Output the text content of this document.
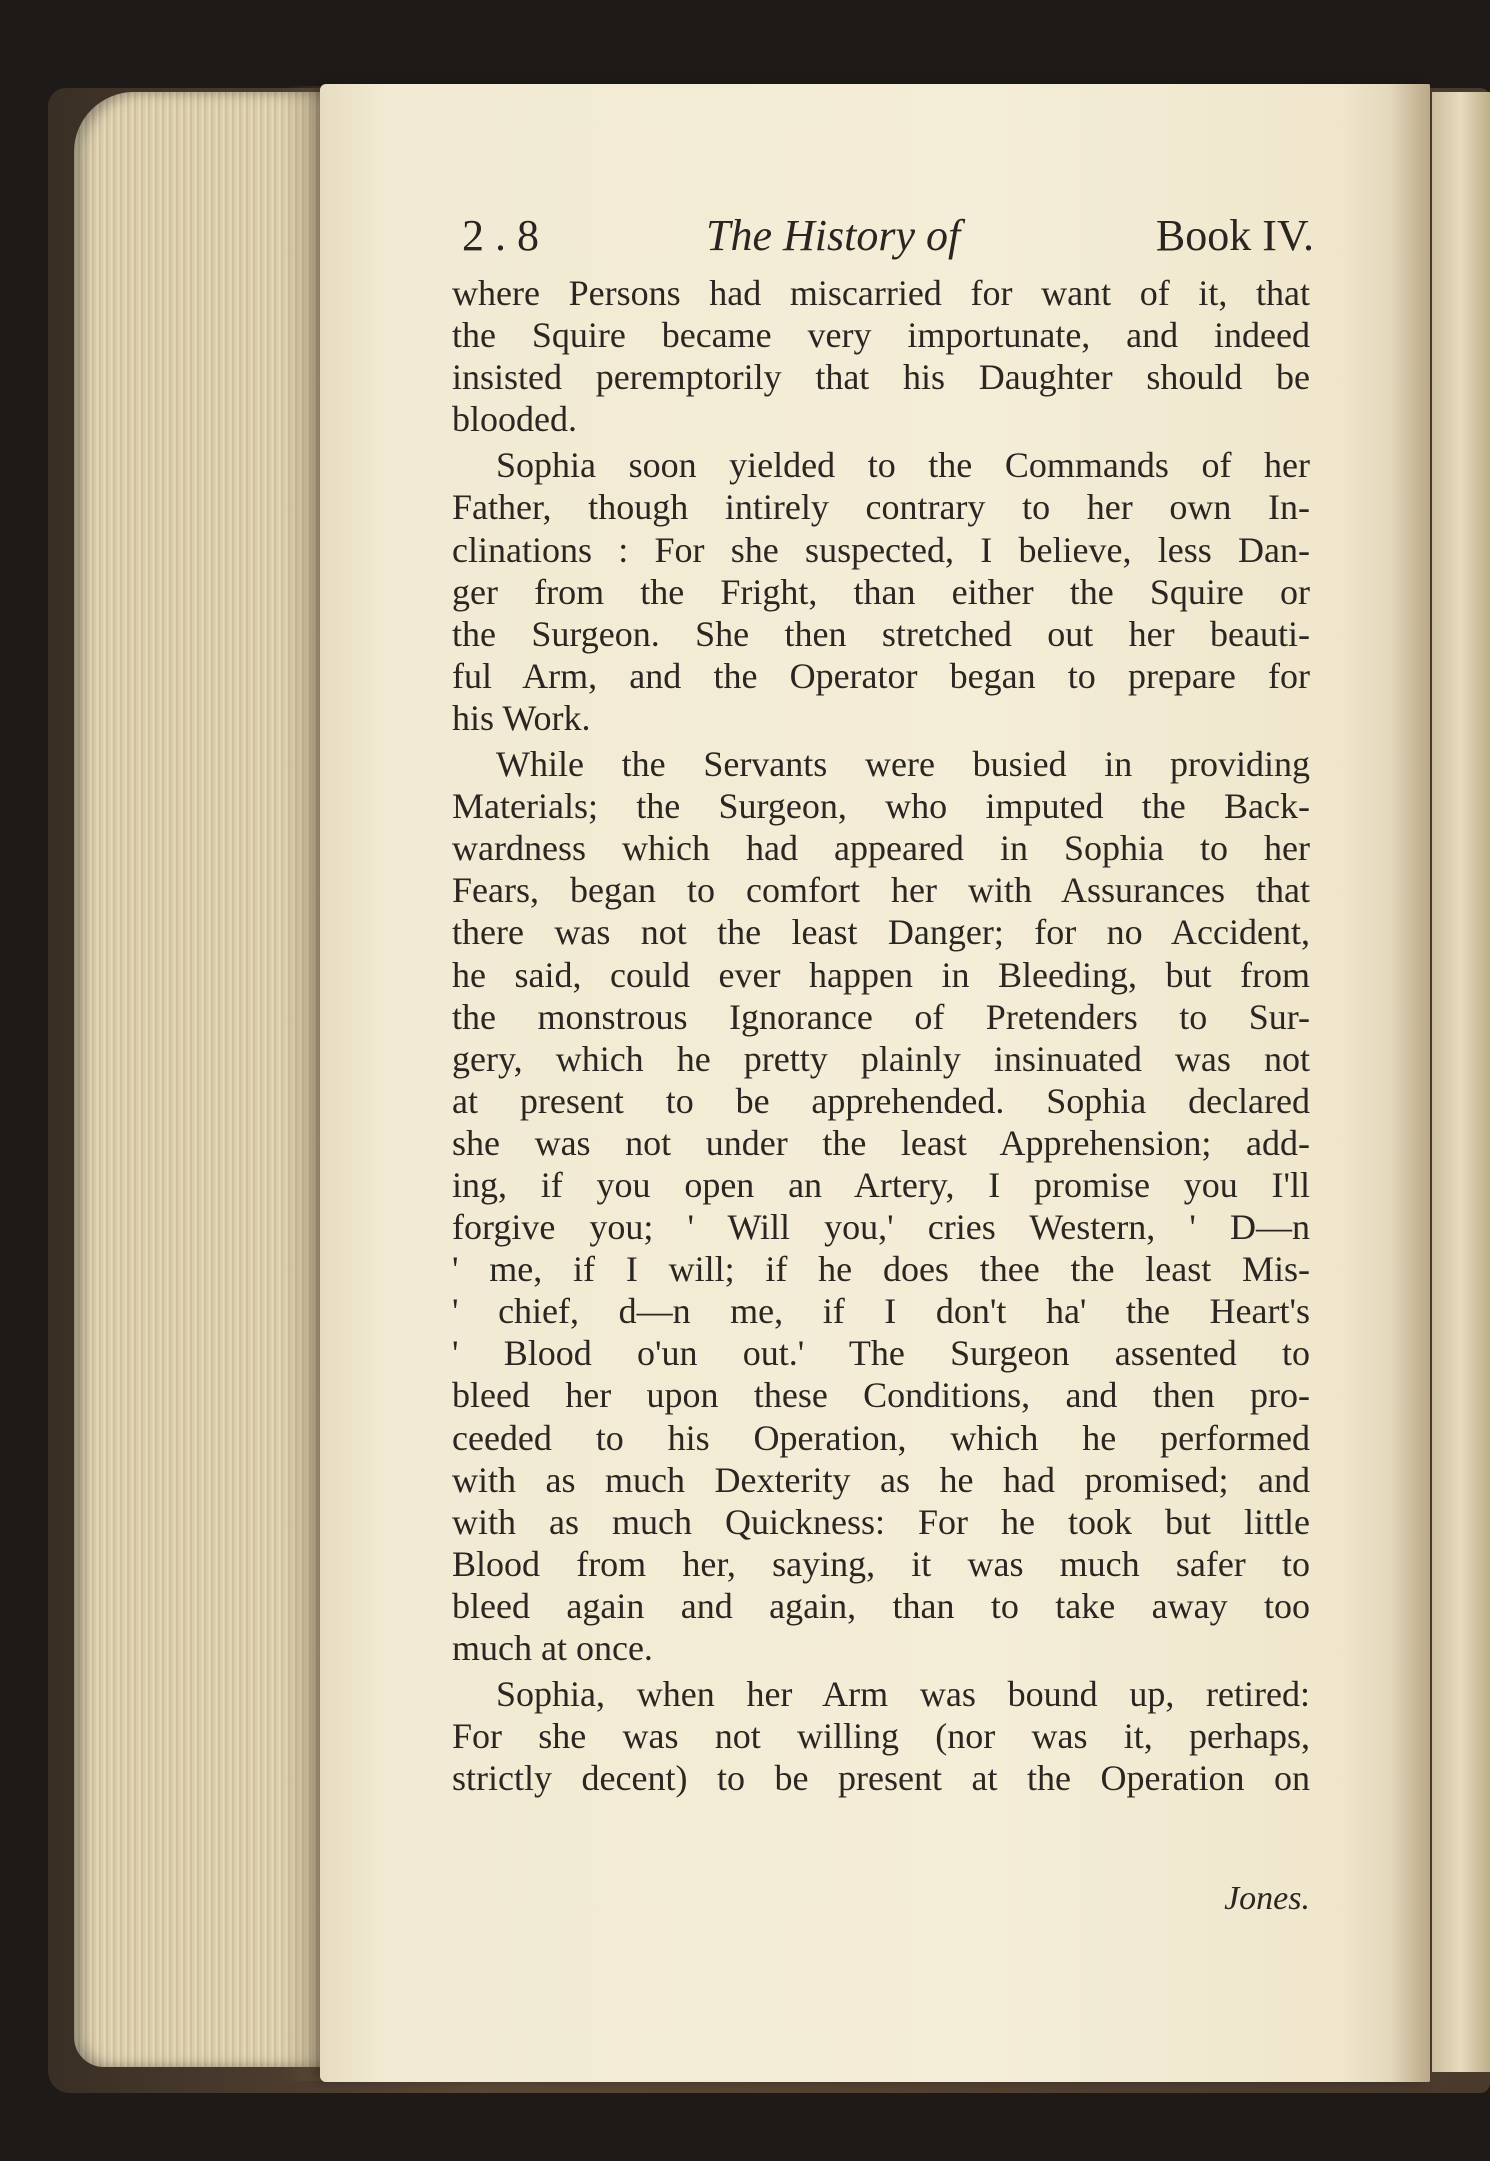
2 . 8	The History of	Book IV.
where Persons had miscarried for want of it, that
the Squire became very importunate, and indeed
insisted peremptorily that his Daughter should be
blooded.
Sophia soon yielded to the Commands of her
Father, though intirely contrary to her own In-
clinations : For she suspected, I believe, less Dan-
ger from the Fright, than either the Squire or
the Surgeon. She then stretched out her beauti-
ful Arm, and the Operator began to prepare for
his Work.
While the Servants were busied in providing
Materials; the Surgeon, who imputed the Back-
wardness which had appeared in Sophia to her
Fears, began to comfort her with Assurances that
there was not the least Danger; for no Accident,
he said, could ever happen in Bleeding, but from
the monstrous Ignorance of Pretenders to Sur-
gery, which he pretty plainly insinuated was not
at present to be apprehended. Sophia declared
she was not under the least Apprehension; add-
ing, if you open an Artery, I promise you I'll
forgive you; ' Will you,' cries Western, ' D—n
' me, if I will; if he does thee the least Mis-
' chief, d—n me, if I don't ha' the Heart's
' Blood o'un out.' The Surgeon assented to
bleed her upon these Conditions, and then pro-
ceeded to his Operation, which he performed
with as much Dexterity as he had promised; and
with as much Quickness: For he took but little
Blood from her, saying, it was much safer to
bleed again and again, than to take away too
much at once.
Sophia, when her Arm was bound up, retired:
For she was not willing (nor was it, perhaps,
strictly decent) to be present at the Operation on
Jones.
